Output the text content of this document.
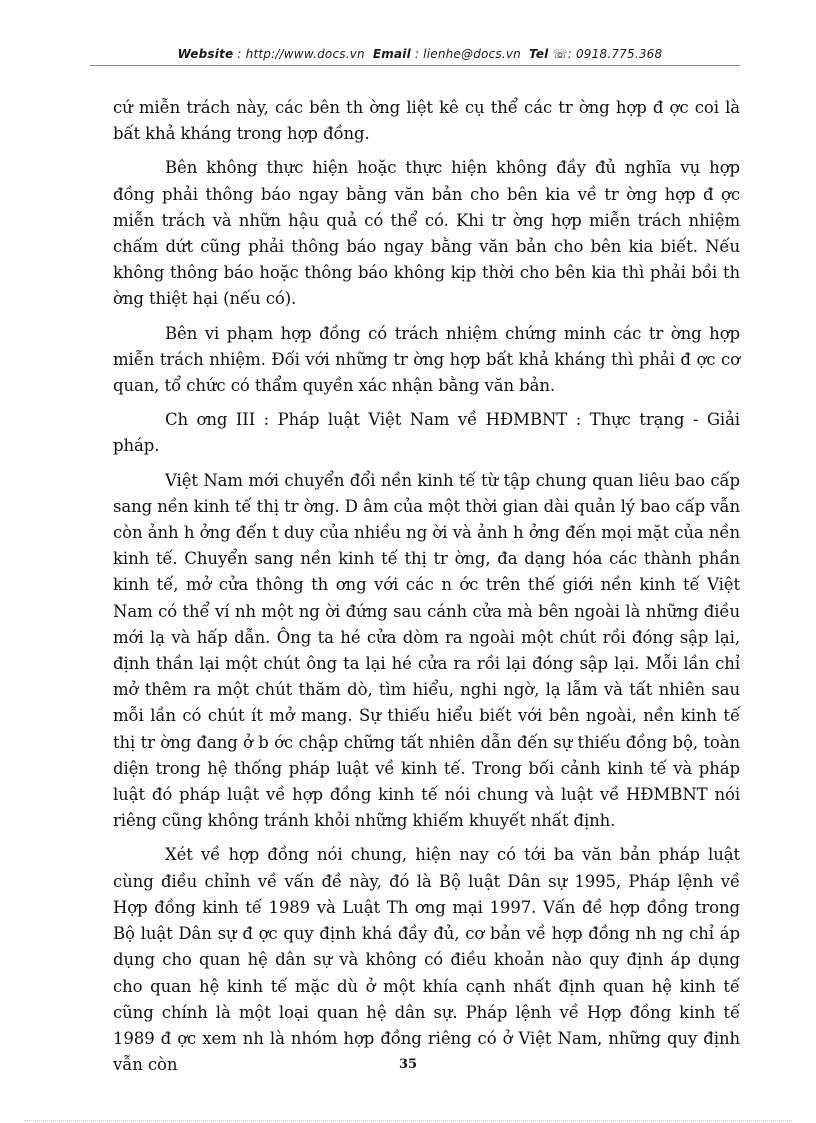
Website : http://www.docs.vn Email : lienhe@docs.vn Tel ☏: 0918.775.368

cứ miễn trách này, các bên th ờng liệt kê cụ thể các tr ờng hợp đ ợc coi là bất khả kháng trong hợp đồng.

Bên không thực hiện hoặc thực hiện không đầy đủ nghĩa vụ hợp đồng phải thông báo ngay bằng văn bản cho bên kia về tr ờng hợp đ ợc miễn trách và nhữn hậu quả có thể có. Khi tr ờng hợp miễn trách nhiệm chấm dứt cũng phải thông báo ngay bằng văn bản cho bên kia biết. Nếu không thông báo hoặc thông báo không kịp thời cho bên kia thì phải bồi th ờng thiệt hại (nếu có).

Bên vi phạm hợp đồng có trách nhiệm chứng minh các tr ờng hợp miễn trách nhiệm. Đối với những tr ờng hợp bất khả kháng thì phải đ ợc cơ quan, tổ chức có thẩm quyền xác nhận bằng văn bản.

Ch ơng III : Pháp luật Việt Nam về HĐMBNT : Thực trạng - Giải pháp.

Việt Nam mới chuyển đổi nền kinh tế từ tập chung quan liêu bao cấp sang nền kinh tế thị tr ờng. D âm của một thời gian dài quản lý bao cấp vẫn còn ảnh h ởng đến t duy của nhiều ng ời và ảnh h ởng đến mọi mặt của nền kinh tế. Chuyển sang nền kinh tế thị tr ờng, đa dạng hóa các thành phần kinh tế, mở cửa thông th ơng với các n ớc trên thế giới nền kinh tế Việt Nam có thể ví nh một ng ời đứng sau cánh cửa mà bên ngoài là những điều mới lạ và hấp dẫn. Ông ta hé cửa dòm ra ngoài một chút rồi đóng sập lại, định thần lại một chút ông ta lại hé cửa ra rồi lại đóng sập lại. Mỗi lần chỉ mở thêm ra một chút thăm dò, tìm hiểu, nghi ngờ, lạ lẫm và tất nhiên sau mỗi lần có chút ít mở mang. Sự thiếu hiểu biết với bên ngoài, nền kinh tế thị tr ờng đang ở b ớc chập chững tất nhiên dẫn đến sự thiếu đồng bộ, toàn diện trong hệ thống pháp luật về kinh tế. Trong bối cảnh kinh tế và pháp luật đó pháp luật về hợp đồng kinh tế nói chung và luật về HĐMBNT nói riêng cũng không tránh khỏi những khiếm khuyết nhất định.

Xét về hợp đồng nói chung, hiện nay có tới ba văn bản pháp luật cùng điều chỉnh về vấn đề này, đó là Bộ luật Dân sự 1995, Pháp lệnh về Hợp đồng kinh tế 1989 và Luật Th ơng mại 1997. Vấn đề hợp đồng trong Bộ luật Dân sự đ ợc quy định khá đầy đủ, cơ bản về hợp đồng nh ng chỉ áp dụng cho quan hệ dân sự và không có điều khoản nào quy định áp dụng cho quan hệ kinh tế mặc dù ở một khía cạnh nhất định quan hệ kinh tế cũng chính là một loại quan hệ dân sự. Pháp lệnh về Hợp đồng kinh tế 1989 đ ợc xem nh là nhóm hợp đồng riêng có ở Việt Nam, những quy định vẫn còn	35
